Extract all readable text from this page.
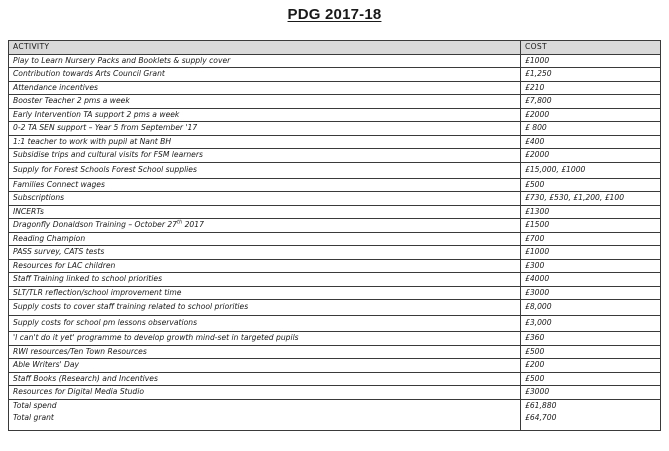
PDG 2017-18
ACTIVITY	COST
Play to Learn Nursery Packs and Booklets & supply cover	£1000
Contribution towards Arts Council Grant	£1,250
Attendance incentives	£210
Booster Teacher 2 pms a week	£7,800
Early Intervention TA support 2 pms a week	£2000
0-2 TA SEN support – Year 5 from September '17	£ 800
1:1 teacher to work with pupil at Nant BH	£400
Subsidise trips and cultural visits for FSM learners	£2000
Supply for Forest Schools Forest School supplies	£15,000, £1000
Families Connect wages	£500
Subscriptions	£730, £530, £1,200, £100
INCERTs	£1300
Dragonfly Donaldson Training – October 27th 2017	£1500
Reading Champion	£700
PASS survey, CATS tests	£1000
Resources for LAC children	£300
Staff Training linked to school priorities	£4000
SLT/TLR reflection/school improvement time	£3000
Supply costs to cover staff training related to school priorities	£8,000
Supply costs for school pm lessons observations	£3,000
'I can't do it yet' programme to develop growth mind-set in targeted pupils	£360
RWI resources/Ten Town Resources	£500
Able Writers' Day	£200
Staff Books (Research) and Incentives	£500
Resources for Digital Media Studio	£3000
Total spend	£61,880
Total grant	£64,700
